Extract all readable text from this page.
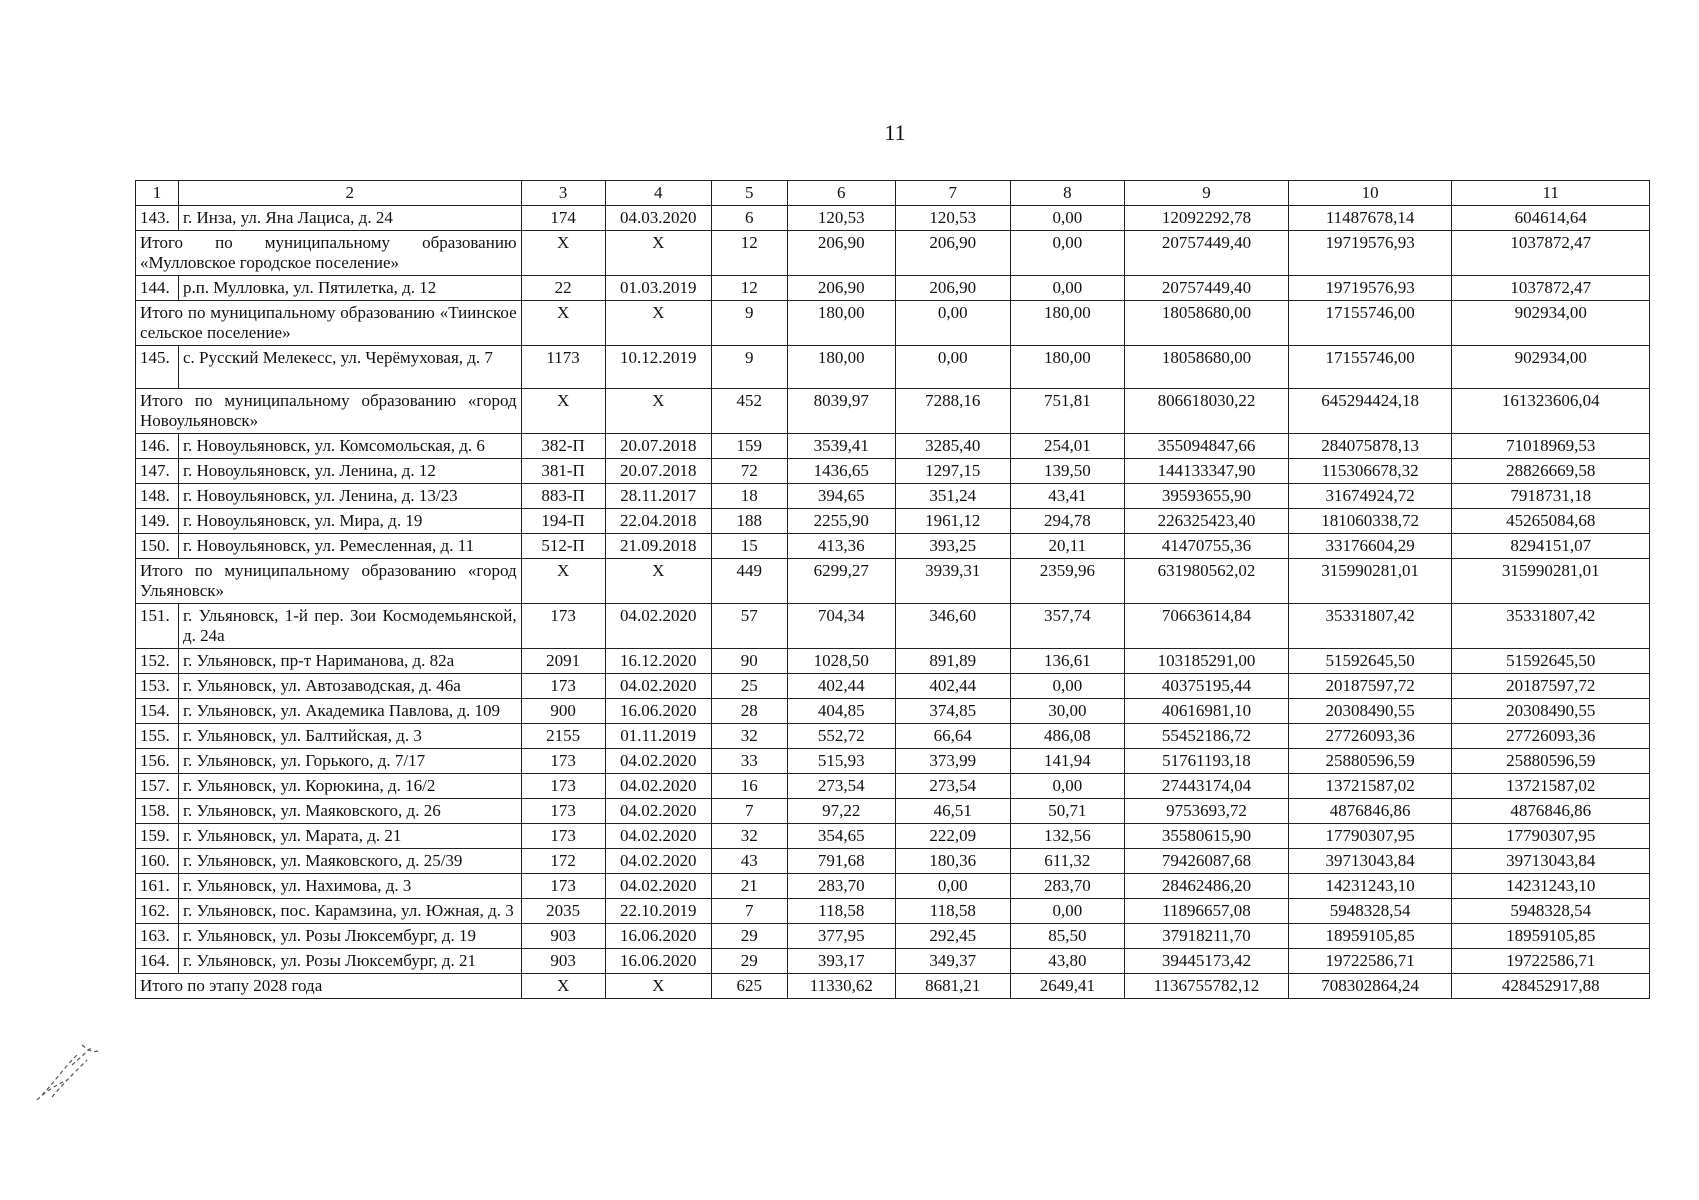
11
1	2	3	4	5	6	7	8	9	10	11
143.	г. Инза, ул. Яна Лациса, д. 24	174	04.03.2020	6	120,53	120,53	0,00	12092292,78	11487678,14	604614,64
Итого по муниципальному образованию «Мулловское городское поселение»		X	X	12	206,90	206,90	0,00	20757449,40	19719576,93	1037872,47
144.	р.п. Мулловка, ул. Пятилетка, д. 12	22	01.03.2019	12	206,90	206,90	0,00	20757449,40	19719576,93	1037872,47
Итого по муниципальному образованию «Тиинское сельское поселение»		X	X	9	180,00	0,00	180,00	18058680,00	17155746,00	902934,00
145.	с. Русский Мелекесс, ул. Черёмуховая, д. 7	1173	10.12.2019	9	180,00	0,00	180,00	18058680,00	17155746,00	902934,00
Итого по муниципальному образованию «город Новоульяновск»		X	X	452	8039,97	7288,16	751,81	806618030,22	645294424,18	161323606,04
146.	г. Новоульяновск, ул. Комсомольская, д. 6	382-П	20.07.2018	159	3539,41	3285,40	254,01	355094847,66	284075878,13	71018969,53
147.	г. Новоульяновск, ул. Ленина, д. 12	381-П	20.07.2018	72	1436,65	1297,15	139,50	144133347,90	115306678,32	28826669,58
148.	г. Новоульяновск, ул. Ленина, д. 13/23	883-П	28.11.2017	18	394,65	351,24	43,41	39593655,90	31674924,72	7918731,18
149.	г. Новоульяновск, ул. Мира, д. 19	194-П	22.04.2018	188	2255,90	1961,12	294,78	226325423,40	181060338,72	45265084,68
150.	г. Новоульяновск, ул. Ремесленная, д. 11	512-П	21.09.2018	15	413,36	393,25	20,11	41470755,36	33176604,29	8294151,07
Итого по муниципальному образованию «город Ульяновск»		X	X	449	6299,27	3939,31	2359,96	631980562,02	315990281,01	315990281,01
151.	г. Ульяновск, 1-й пер. Зои Космодемьянской, д. 24а	173	04.02.2020	57	704,34	346,60	357,74	70663614,84	35331807,42	35331807,42
152.	г. Ульяновск, пр-т Нариманова, д. 82а	2091	16.12.2020	90	1028,50	891,89	136,61	103185291,00	51592645,50	51592645,50
153.	г. Ульяновск, ул. Автозаводская, д. 46а	173	04.02.2020	25	402,44	402,44	0,00	40375195,44	20187597,72	20187597,72
154.	г. Ульяновск, ул. Академика Павлова, д. 109	900	16.06.2020	28	404,85	374,85	30,00	40616981,10	20308490,55	20308490,55
155.	г. Ульяновск, ул. Балтийская, д. 3	2155	01.11.2019	32	552,72	66,64	486,08	55452186,72	27726093,36	27726093,36
156.	г. Ульяновск, ул. Горького, д. 7/17	173	04.02.2020	33	515,93	373,99	141,94	51761193,18	25880596,59	25880596,59
157.	г. Ульяновск, ул. Корюкина, д. 16/2	173	04.02.2020	16	273,54	273,54	0,00	27443174,04	13721587,02	13721587,02
158.	г. Ульяновск, ул. Маяковского, д. 26	173	04.02.2020	7	97,22	46,51	50,71	9753693,72	4876846,86	4876846,86
159.	г. Ульяновск, ул. Марата, д. 21	173	04.02.2020	32	354,65	222,09	132,56	35580615,90	17790307,95	17790307,95
160.	г. Ульяновск, ул. Маяковского, д. 25/39	172	04.02.2020	43	791,68	180,36	611,32	79426087,68	39713043,84	39713043,84
161.	г. Ульяновск, ул. Нахимова, д. 3	173	04.02.2020	21	283,70	0,00	283,70	28462486,20	14231243,10	14231243,10
162.	г. Ульяновск, пос. Карамзина, ул. Южная, д. 3	2035	22.10.2019	7	118,58	118,58	0,00	11896657,08	5948328,54	5948328,54
163.	г. Ульяновск, ул. Розы Люксембург, д. 19	903	16.06.2020	29	377,95	292,45	85,50	37918211,70	18959105,85	18959105,85
164.	г. Ульяновск, ул. Розы Люксембург, д. 21	903	16.06.2020	29	393,17	349,37	43,80	39445173,42	19722586,71	19722586,71
Итого по этапу 2028 года		X	X	625	11330,62	8681,21	2649,41	1136755782,12	708302864,24	428452917,88
